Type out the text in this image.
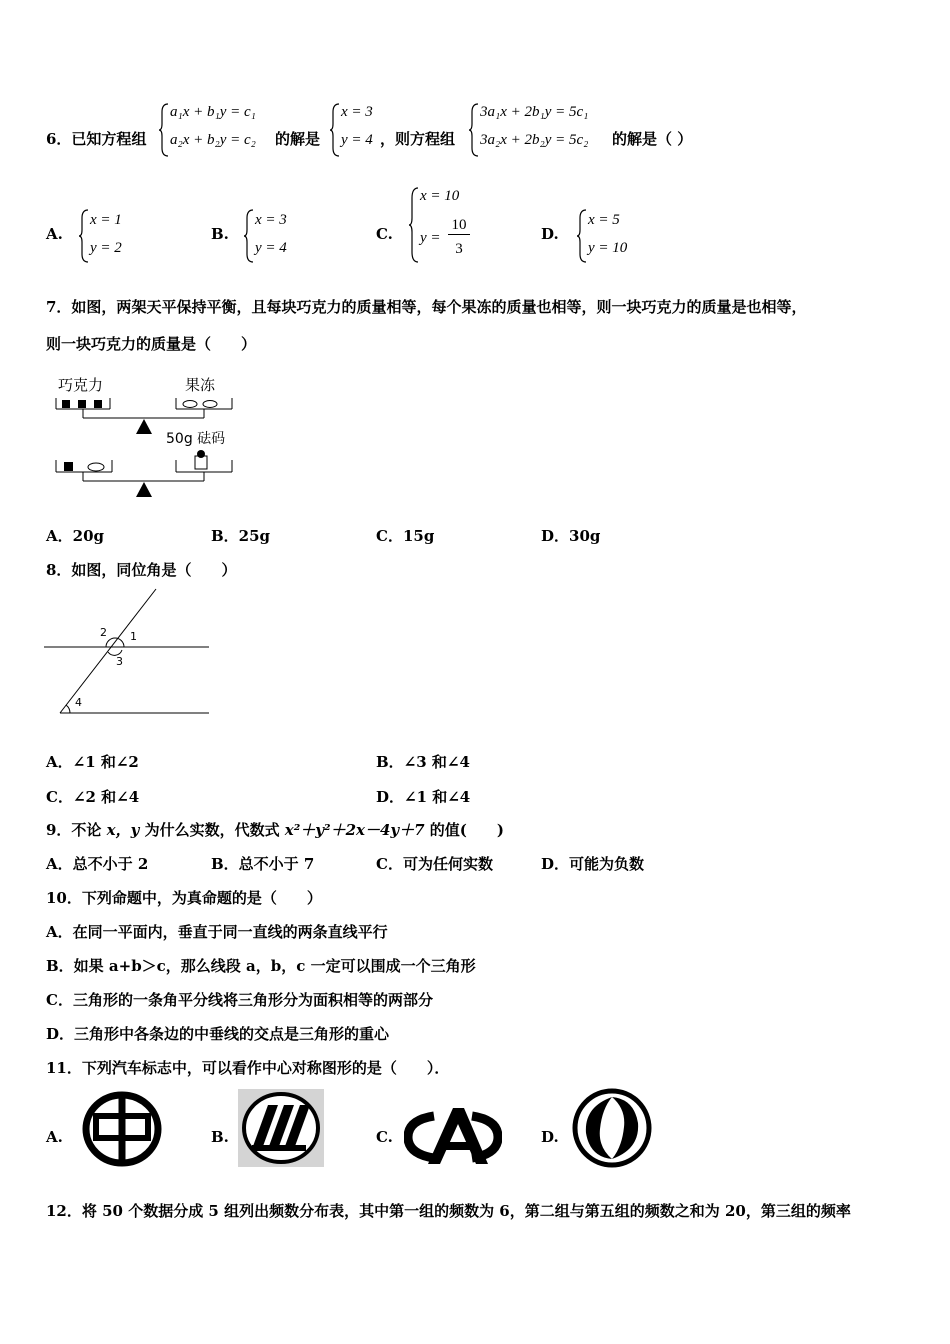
6．已知方程组
a₁x + b₁y = c₁
a₂x + b₂y = c₂ 的解是
x = 3
y = 4 ，则方程组
3a₁x + 2b₁y = 5c₁
3a₂x + 2b₂y = 5c₂ 的解是（ ）
A.
x = 1
y = 2
B.
x = 3
y = 4
C.
x = 10
y =
10
3
D.
x = 5
y = 10
7．如图，两架天平保持平衡，且每块巧克力的质量相等，每个果冻的质量也相等，则一块巧克力的质量是也相等，
则一块巧克力的质量是（　　）
巧克力	果冻
50g 砝码
A．20g	B．25g	C．15g	D．30g
8．如图，同位角是（　　）
2 1
3
4
A．∠1 和∠2	B．∠3 和∠4
C．∠2 和∠4	D．∠1 和∠4
9．不论 x，y 为什么实数，代数式 x²＋y²＋2x－4y＋7 的值(　　)
A．总不小于 2	B．总不小于 7	C．可为任何实数	D．可能为负数
10．下列命题中，为真命题的是（　　）
A．在同一平面内，垂直于同一直线的两条直线平行
B．如果 a+b＞c，那么线段 a，b，c 一定可以围成一个三角形
C．三角形的一条角平分线将三角形分为面积相等的两部分
D．三角形中各条边的中垂线的交点是三角形的重心
11．下列汽车标志中，可以看作中心对称图形的是（　　）．
A.	B.	C.	D.
12．将 50 个数据分成 5 组列出频数分布表，其中第一组的频数为 6，第二组与第五组的频数之和为 20，第三组的频率
